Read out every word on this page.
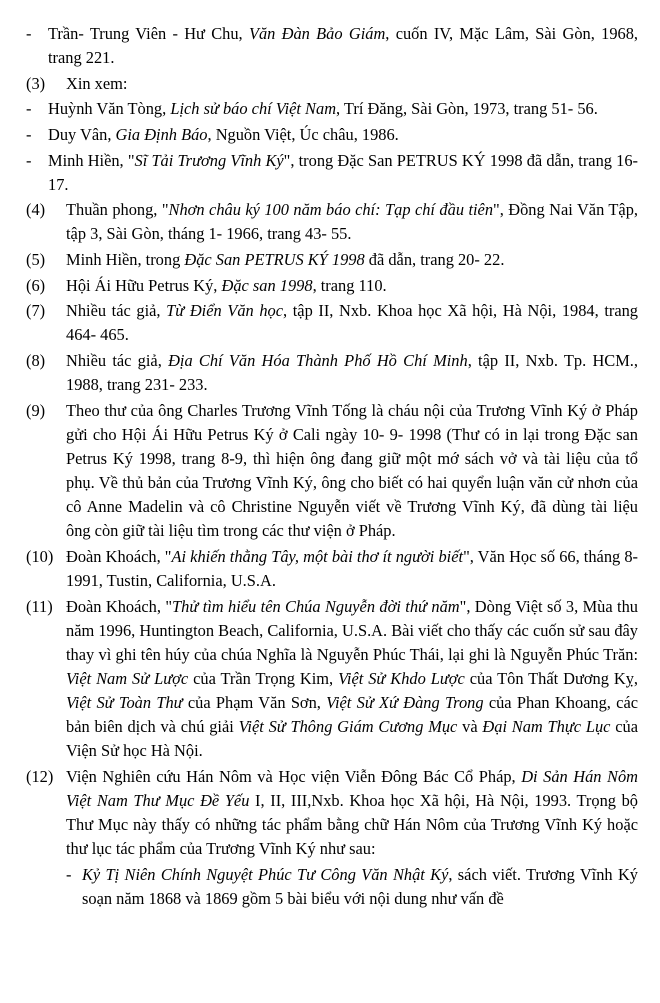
- Trần- Trung Viên - Hư Chu, Văn Đàn Bảo Giám, cuốn IV, Mặc Lâm, Sài Gòn, 1968, trang 221.
(3) Xin xem:
- Huỳnh Văn Tòng, Lịch sử báo chí Việt Nam, Trí Đăng, Sài Gòn, 1973, trang 51- 56.
- Duy Vân, Gia Định Báo, Nguồn Việt, Úc châu, 1986.
- Minh Hiền, "Sĩ Tải Trương Vĩnh Ký", trong Đặc San PETRUS KÝ 1998 đã dẫn, trang 16- 17.
(4) Thuần phong, "Nhơn châu ký 100 năm báo chí: Tạp chí đầu tiên", Đồng Nai Văn Tập, tập 3, Sài Gòn, tháng 1- 1966, trang 43- 55.
(5) Minh Hiền, trong Đặc San PETRUS KÝ 1998 đã dẫn, trang 20- 22.
(6) Hội Ái Hữu Petrus Ký, Đặc san 1998, trang 110.
(7) Nhiều tác giả, Từ Điển Văn học, tập II, Nxb. Khoa học Xã hội, Hà Nội, 1984, trang 464- 465.
(8) Nhiều tác giả, Địa Chí Văn Hóa Thành Phố Hồ Chí Minh, tập II, Nxb. Tp. HCM., 1988, trang 231- 233.
(9) Theo thư của ông Charles Trương Vĩnh Tống là cháu nội của Trương Vĩnh Ký ở Pháp gửi cho Hội Ái Hữu Petrus Ký ở Cali ngày 10- 9- 1998 (Thư có in lại trong Đặc san Petrus Ký 1998, trang 8-9, thì hiện ông đang giữ một mớ sách vở và tài liệu của tổ phụ. Về thủ bản của Trương Vĩnh Ký, ông cho biết có hai quyển luận văn cử nhơn của cô Anne Madelin và cô Christine Nguyễn viết về Trương Vĩnh Ký, đã dùng tài liệu ông còn giữ tài liệu tìm trong các thư viện ở Pháp.
(10) Đoàn Khoách, "Ai khiến thằng Tây, một bài thơ ít người biết", Văn Học số 66, tháng 8- 1991, Tustin, California, U.S.A.
(11) Đoàn Khoách, "Thử tìm hiểu tên Chúa Nguyễn đời thứ năm", Dòng Việt số 3, Mùa thu năm 1996, Huntington Beach, California, U.S.A. Bài viết cho thấy các cuốn sử sau đây thay vì ghi tên húy của chúa Nghĩa là Nguyễn Phúc Thái, lại ghi là Nguyễn Phúc Trăn: Việt Nam Sử Lược của Trần Trọng Kim, Việt Sử Khdo Lược của Tôn Thất Dương Kỵ, Việt Sử Toàn Thư của Phạm Văn Sơn, Việt Sử Xứ Đàng Trong của Phan Khoang, các bản biên dịch và chú giải Việt Sử Thông Giám Cương Mục và Đại Nam Thực Lục của Viện Sử học Hà Nội.
(12) Viện Nghiên cứu Hán Nôm và Học viện Viễn Đông Bác Cổ Pháp, Di Sản Hán Nôm Việt Nam Thư Mục Đề Yếu I, II, III,Nxb. Khoa học Xã hội, Hà Nội, 1993. Trọng bộ Thư Mục này thấy có những tác phẩm bằng chữ Hán Nôm của Trương Vĩnh Ký hoặc thư lục tác phẩm của Trương Vĩnh Ký như sau:
- Kỷ Tị Niên Chính Nguyệt Phúc Tư Công Văn Nhật Ký, sách viết. Trương Vĩnh Ký soạn năm 1868 và 1869 gồm 5 bài biểu với nội dung như vấn đề
